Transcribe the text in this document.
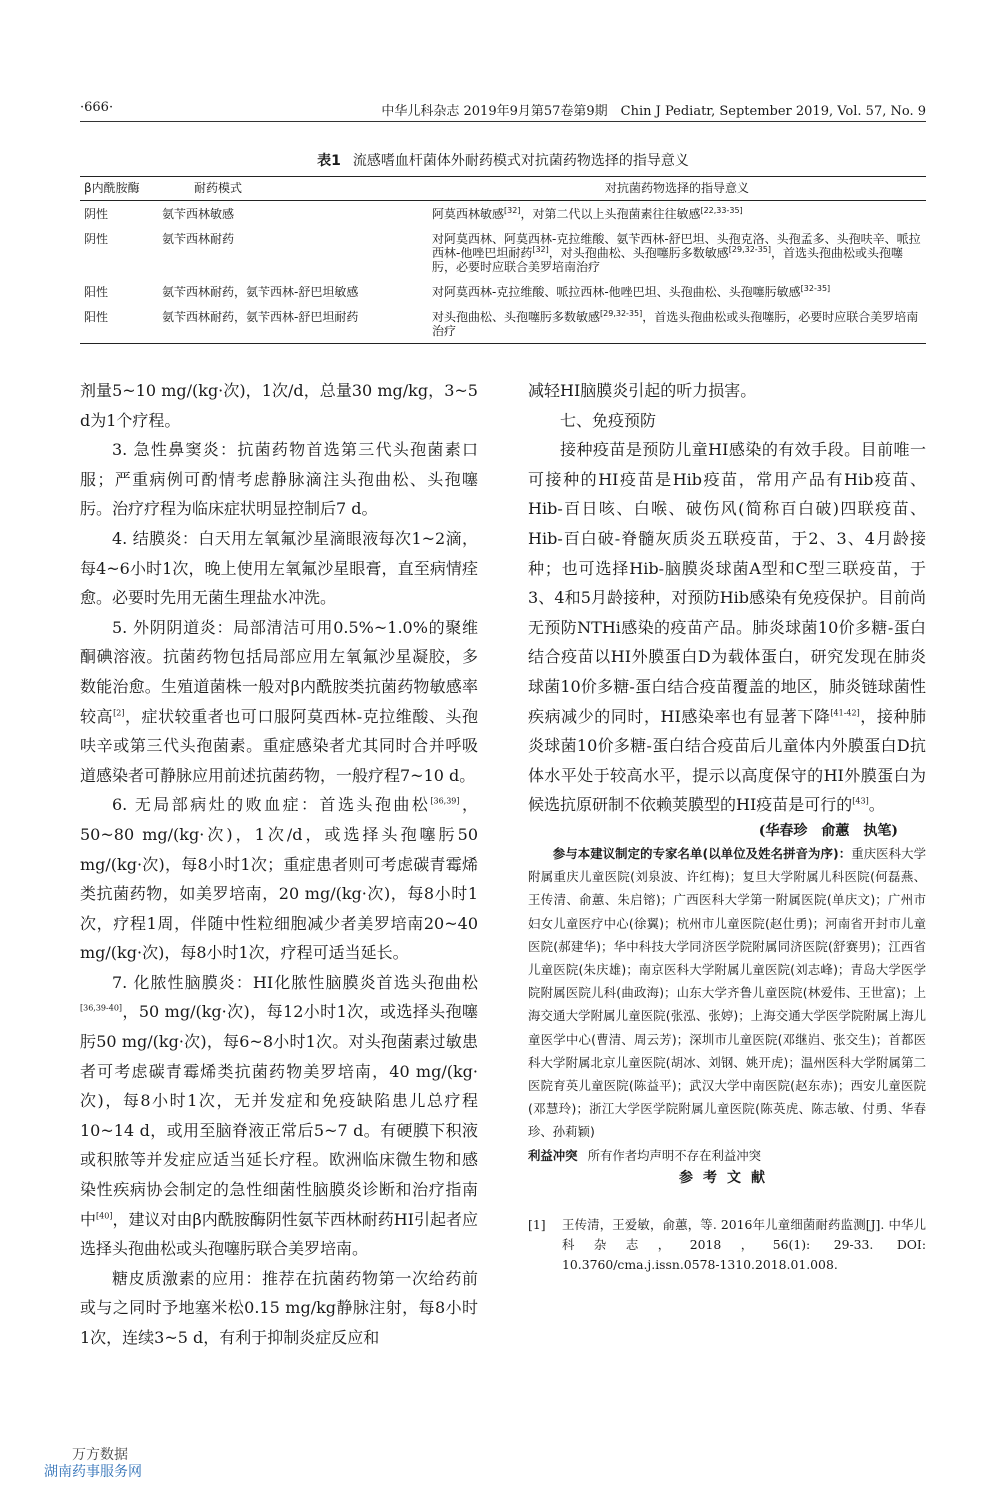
·666·	中华儿科杂志 2019年9月第57卷第9期　Chin J Pediatr, September 2019, Vol. 57, No. 9
表1 流感嗜血杆菌体外耐药模式对抗菌药物选择的指导意义
β内酰胺酶	耐药模式	对抗菌药物选择的指导意义
阴性	氨苄西林敏感	阿莫西林敏感[32]，对第二代以上头孢菌素往往敏感[22,33-35]
阴性	氨苄西林耐药	对阿莫西林、阿莫西林-克拉维酸、氨苄西林-舒巴坦、头孢克洛、头孢孟多、头孢呋辛、哌拉西林-他唑巴坦耐药[32]，对头孢曲松、头孢噻肟多数敏感[29,32-35]，首选头孢曲松或头孢噻肟，必要时应联合美罗培南治疗
阳性	氨苄西林耐药，氨苄西林-舒巴坦敏感	对阿莫西林-克拉维酸、哌拉西林-他唑巴坦、头孢曲松、头孢噻肟敏感[32-35]
阳性	氨苄西林耐药，氨苄西林-舒巴坦耐药	对头孢曲松、头孢噻肟多数敏感[29,32-35]，首选头孢曲松或头孢噻肟，必要时应联合美罗培南治疗

剂量5~10 mg/(kg·次)，1次/d，总量30 mg/kg，3~5 d为1个疗程。

3. 急性鼻窦炎：抗菌药物首选第三代头孢菌素口服；严重病例可酌情考虑静脉滴注头孢曲松、头孢噻肟。治疗疗程为临床症状明显控制后7 d。

4. 结膜炎：白天用左氧氟沙星滴眼液每次1~2滴，每4~6小时1次，晚上使用左氧氟沙星眼膏，直至病情痊愈。必要时先用无菌生理盐水冲洗。

5. 外阴阴道炎：局部清洁可用0.5%~1.0%的聚维酮碘溶液。抗菌药物包括局部应用左氧氟沙星凝胶，多数能治愈。生殖道菌株一般对β内酰胺类抗菌药物敏感率较高[2]，症状较重者也可口服阿莫西林-克拉维酸、头孢呋辛或第三代头孢菌素。重症感染者尤其同时合并呼吸道感染者可静脉应用前述抗菌药物，一般疗程7~10 d。

6. 无局部病灶的败血症：首选头孢曲松[36,39]，50~80 mg/(kg·次)，1次/d，或选择头孢噻肟50 mg/(kg·次)，每8小时1次；重症患者则可考虑碳青霉烯类抗菌药物，如美罗培南，20 mg/(kg·次)，每8小时1次，疗程1周，伴随中性粒细胞减少者美罗培南20~40 mg/(kg·次)，每8小时1次，疗程可适当延长。

7. 化脓性脑膜炎：HI化脓性脑膜炎首选头孢曲松[36,39-40]，50 mg/(kg·次)，每12小时1次，或选择头孢噻肟50 mg/(kg·次)，每6~8小时1次。对头孢菌素过敏患者可考虑碳青霉烯类抗菌药物美罗培南，40 mg/(kg·次)，每8小时1次，无并发症和免疫缺陷患儿总疗程10~14 d，或用至脑脊液正常后5~7 d。有硬膜下积液或积脓等并发症应适当延长疗程。欧洲临床微生物和感染性疾病协会制定的急性细菌性脑膜炎诊断和治疗指南中[40]，建议对由β内酰胺酶阴性氨苄西林耐药HI引起者应选择头孢曲松或头孢噻肟联合美罗培南。

糖皮质激素的应用：推荐在抗菌药物第一次给药前或与之同时予地塞米松0.15 mg/kg静脉注射，每8小时1次，连续3~5 d，有利于抑制炎症反应和

减轻HI脑膜炎引起的听力损害。

七、免疫预防

接种疫苗是预防儿童HI感染的有效手段。目前唯一可接种的HI疫苗是Hib疫苗，常用产品有Hib疫苗、Hib-百日咳、白喉、破伤风(简称百白破)四联疫苗、Hib-百白破-脊髓灰质炎五联疫苗，于2、3、4月龄接种；也可选择Hib-脑膜炎球菌A型和C型三联疫苗，于3、4和5月龄接种，对预防Hib感染有免疫保护。目前尚无预防NTHi感染的疫苗产品。肺炎球菌10价多糖-蛋白结合疫苗以HI外膜蛋白D为载体蛋白，研究发现在肺炎球菌10价多糖-蛋白结合疫苗覆盖的地区，肺炎链球菌性疾病减少的同时，HI感染率也有显著下降[41-42]，接种肺炎球菌10价多糖-蛋白结合疫苗后儿童体内外膜蛋白D抗体水平处于较高水平，提示以高度保守的HI外膜蛋白为候选抗原研制不依赖荚膜型的HI疫苗是可行的[43]。

(华春珍　俞蕙　执笔)

参与本建议制定的专家名单(以单位及姓名拼音为序)：重庆医科大学附属重庆儿童医院(刘泉波、许红梅)；复旦大学附属儿科医院(何磊燕、王传清、俞蕙、朱启镕)；广西医科大学第一附属医院(单庆文)；广州市妇女儿童医疗中心(徐翼)；杭州市儿童医院(赵仕勇)；河南省开封市儿童医院(郝建华)；华中科技大学同济医学院附属同济医院(舒赛男)；江西省儿童医院(朱庆雄)；南京医科大学附属儿童医院(刘志峰)；青岛大学医学院附属医院儿科(曲政海)；山东大学齐鲁儿童医院(林爱伟、王世富)；上海交通大学附属儿童医院(张泓、张婷)；上海交通大学医学院附属上海儿童医学中心(曹清、周云芳)；深圳市儿童医院(邓继岿、张交生)；首都医科大学附属北京儿童医院(胡冰、刘钢、姚开虎)；温州医科大学附属第二医院育英儿童医院(陈益平)；武汉大学中南医院(赵东赤)；西安儿童医院(邓慧玲)；浙江大学医学院附属儿童医院(陈英虎、陈志敏、付勇、华春珍、孙莉颖)

利益冲突 所有作者均声明不存在利益冲突

参考文献

[1]	王传清，王爱敏，俞蕙，等. 2016年儿童细菌耐药监测[J]. 中华儿科杂志，2018，56(1): 29-33. DOI: 10.3760/cma.j.issn.0578-1310.2018.01.008.
万方数据
湖南药事服务网
